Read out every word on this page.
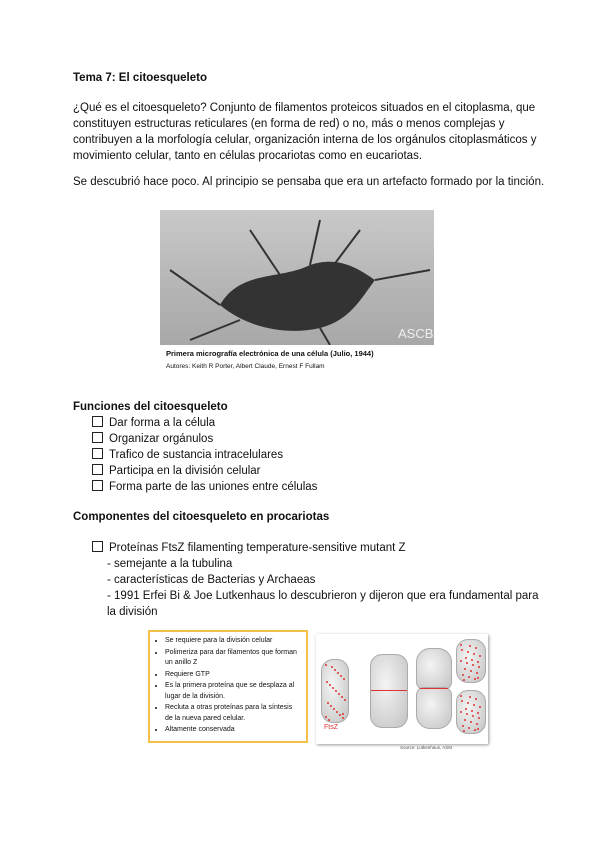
Tema 7: El citoesqueleto
¿Qué es el citoesqueleto? Conjunto de filamentos proteicos situados en el citoplasma, que
constituyen estructuras reticulares (en forma de red) o no, más o menos complejas y
contribuyen a la morfología celular, organización interna de los orgánulos citoplasmáticos y
movimiento celular, tanto en células procariotas como en eucariotas.
Se descubrió hace poco. Al principio se pensaba que era un artefacto formado por la tinción.
ASCB
Primera micrografía electrónica de una célula (Julio, 1944)
Autores: Keith R Porter, Albert Claude, Ernest F Fullam
Funciones del citoesqueleto
Dar forma a la célula
Organizar orgánulos
Trafico de sustancia intracelulares
Participa en la división celular
Forma parte de las uniones entre células
Componentes del citoesqueleto en procariotas
Proteínas FtsZ filamenting temperature-sensitive mutant Z
- semejante a la tubulina
- características de Bacterias y Archaeas
- 1991 Erfei Bi & Joe Lutkenhaus lo descubrieron y dijeron que era fundamental para
la división
• Se requiere para la división celular
• Polimeriza para dar filamentos que forman un anillo Z
• Requiere GTP
• Es la primera proteína que se desplaza al lugar de la división.
• Recluta a otras proteínas para la síntesis de la nueva pared celular.
• Altamente conservada	FtsZ
Source: Lutkenhaus, ASM
